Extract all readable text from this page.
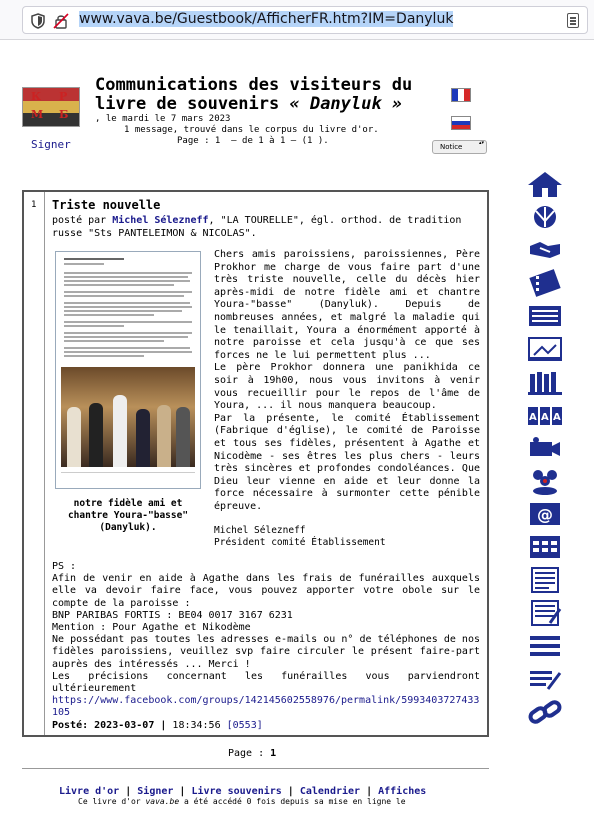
www.vava.be/Guestbook/AfficherFR.htm?IM=Danyluk
К Р
М Б
Signer
Communications des visiteurs du
livre de souvenirs « Danyluk »
, le mardi le 7 mars 2023
1 message, trouvé dans le corpus du livre d'or.
Page : 1  — de 1 à 1 — (1 ).
Notice ▴▾
1 Triste nouvelle
posté par Michel Sélezneff, "LA TOURELLE", égl. orthod. de tradition russe "Sts PANTELEIMON & NICOLAS".
notre fidèle ami et chantre Youra-"basse" (Danyluk).

Chers amis paroissiens, paroissiennes, Père Prokhor me charge de vous faire part d'une très triste nouvelle, celle du décès hier après-midi de notre fidèle ami et chantre Youra-"basse" (Danyluk). Depuis de nombreuses années, et malgré la maladie qui le tenaillait, Youra a énormément apporté à notre paroisse et cela jusqu'à ce que ses forces ne le lui permettent plus ...

Le père Prokhor donnera une panikhida ce soir à 19h00, nous vous invitons à venir vous recueillir pour le repos de l'âme de Youra, ... il nous manquera beaucoup.

Par la présente, le comité Établissement (Fabrique d'église), le comité de Paroisse et tous ses fidèles, présentent à Agathe et Nicodème - ses êtres les plus chers - leurs très sincères et profondes condoléances. Que Dieu leur vienne en aide et leur donne la force nécessaire à surmonter cette pénible épreuve.

Michel Sélezneff
Président comité Établissement
PS :
Afin de venir en aide à Agathe dans les frais de funérailles auxquels elle va devoir faire face, vous pouvez apporter votre obole sur le compte de la paroisse :
BNP PARIBAS FORTIS : BE04 0017 3167 6231
Mention : Pour Agathe et Nikodème
Ne possédant pas toutes les adresses e-mails ou n° de téléphones de nos fidèles paroissiens, veuillez svp faire circuler le présent faire-part auprès des intéressés ... Merci !
Les précisions concernant les funérailles vous parviendront ultérieurement
https://www.facebook.com/groups/142145602558976/permalink/5993403727433105
Posté: 2023-03-07 | 18:34:56 [0553]
Page : 1
Livre d'or | Signer | Livre souvenirs | Calendrier | Affiches
Ce livre d'or vava.be a été accédé 0 fois depuis sa mise en ligne le
A A A
@
